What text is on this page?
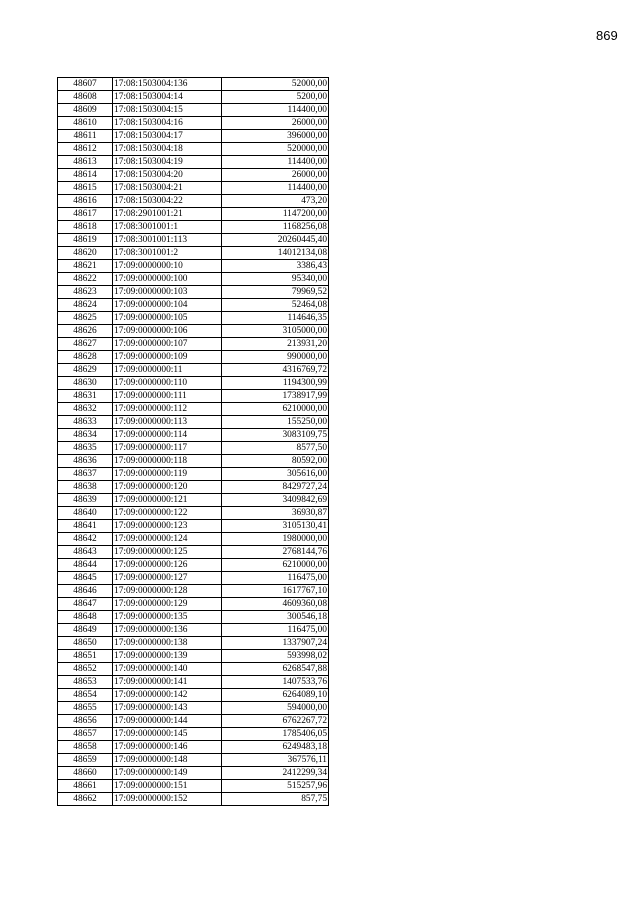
869
48607	17:08:1503004:136	52000,00
48608	17:08:1503004:14	5200,00
48609	17:08:1503004:15	114400,00
48610	17:08:1503004:16	26000,00
48611	17:08:1503004:17	396000,00
48612	17:08:1503004:18	520000,00
48613	17:08:1503004:19	114400,00
48614	17:08:1503004:20	26000,00
48615	17:08:1503004:21	114400,00
48616	17:08:1503004:22	473,20
48617	17:08:2901001:21	1147200,00
48618	17:08:3001001:1	1168256,08
48619	17:08:3001001:113	20260445,40
48620	17:08:3001001:2	14012134,08
48621	17:09:0000000:10	3386,43
48622	17:09:0000000:100	95340,00
48623	17:09:0000000:103	79969,52
48624	17:09:0000000:104	52464,08
48625	17:09:0000000:105	114646,35
48626	17:09:0000000:106	3105000,00
48627	17:09:0000000:107	213931,20
48628	17:09:0000000:109	990000,00
48629	17:09:0000000:11	4316769,72
48630	17:09:0000000:110	1194300,99
48631	17:09:0000000:111	1738917,99
48632	17:09:0000000:112	6210000,00
48633	17:09:0000000:113	155250,00
48634	17:09:0000000:114	3083109,75
48635	17:09:0000000:117	8577,50
48636	17:09:0000000:118	80592,00
48637	17:09:0000000:119	305616,00
48638	17:09:0000000:120	8429727,24
48639	17:09:0000000:121	3409842,69
48640	17:09:0000000:122	36930,87
48641	17:09:0000000:123	3105130,41
48642	17:09:0000000:124	1980000,00
48643	17:09:0000000:125	2768144,76
48644	17:09:0000000:126	6210000,00
48645	17:09:0000000:127	116475,00
48646	17:09:0000000:128	1617767,10
48647	17:09:0000000:129	4609360,08
48648	17:09:0000000:135	300546,18
48649	17:09:0000000:136	116475,00
48650	17:09:0000000:138	1337907,24
48651	17:09:0000000:139	593998,02
48652	17:09:0000000:140	6268547,88
48653	17:09:0000000:141	1407533,76
48654	17:09:0000000:142	6264089,10
48655	17:09:0000000:143	594000,00
48656	17:09:0000000:144	6762267,72
48657	17:09:0000000:145	1785406,05
48658	17:09:0000000:146	6249483,18
48659	17:09:0000000:148	367576,11
48660	17:09:0000000:149	2412299,34
48661	17:09:0000000:151	515257,96
48662	17:09:0000000:152	857,75
